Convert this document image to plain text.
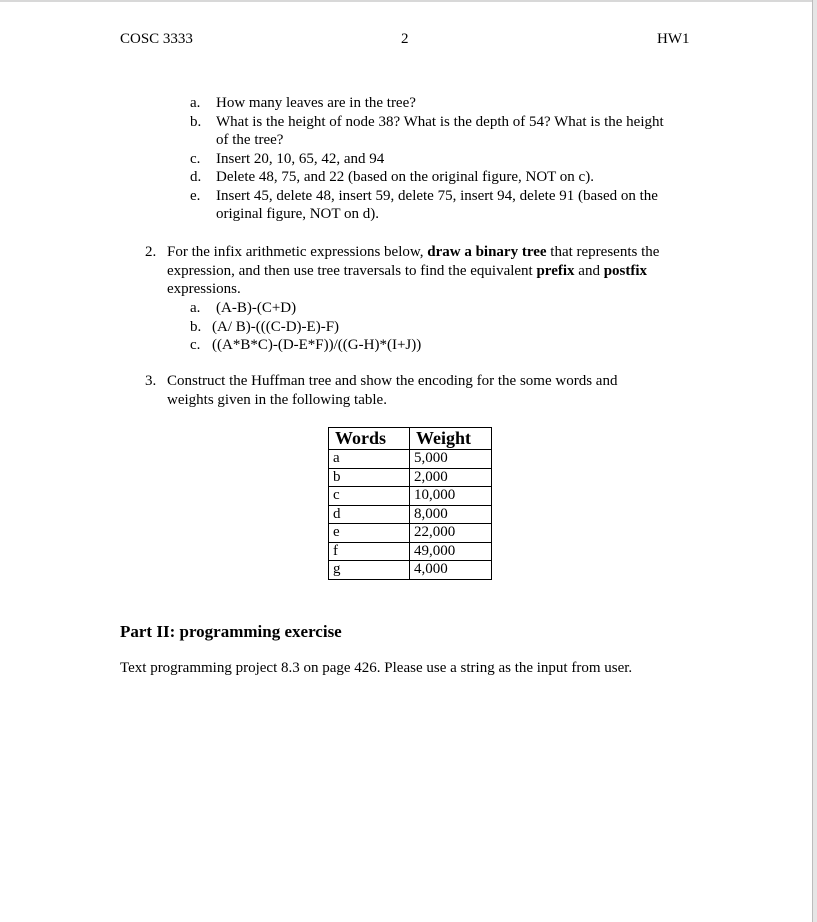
COSC 3333	2	HW1
a. How many leaves are in the tree?
b. What is the height of node 38? What is the depth of 54? What is the height
of the tree?
c. Insert 20, 10, 65, 42, and 94
d. Delete 48, 75, and 22 (based on the original figure, NOT on c).
e. Insert 45, delete 48, insert 59, delete 75, insert 94, delete 91 (based on the
original figure, NOT on d).
2. For the infix arithmetic expressions below, draw a binary tree that represents the
expression, and then use tree traversals to find the equivalent prefix and postfix
expressions.
a. (A-B)-(C+D)
b. (A/ B)-(((C-D)-E)-F)
c. ((A*B*C)-(D-E*F))/((G-H)*(I+J))
3. Construct the Huffman tree and show the encoding for the some words and
weights given in the following table.
Words	Weight
a	5,000
b	2,000
c	10,000
d	8,000
e	22,000
f	49,000
g	4,000
Part II: programming exercise
Text programming project 8.3 on page 426. Please use a string as the input from user.
